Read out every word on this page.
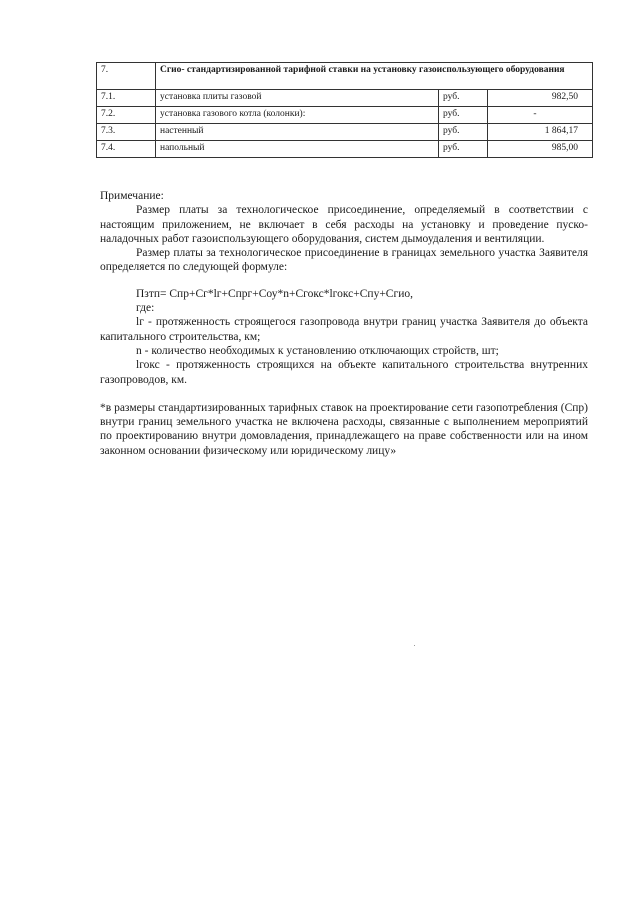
7.	Сгио- стандартизированной тарифной ставки на установку газоиспользующего оборудования		
7.1.	установка плиты газовой	руб.	982,50
7.2.	установка газового котла (колонки):	руб.	-
7.3.	настенный	руб.	1 864,17
7.4.	напольный	руб.	985,00

Примечание:

Размер платы за технологическое присоединение, определяемый в соответствии с настоящим приложением, не включает в себя расходы на установку и проведение пуско-наладочных работ газоиспользующего оборудования, систем дымоудаления и вентиляции.

Размер платы за технологическое присоединение в границах земельного участка Заявителя определяется по следующей формуле:

Пзтп= Спр+Сг*lг+Спрг+Соу*n+Сгокс*lгокс+Спу+Сгио,

где:

lг - протяженность строящегося газопровода внутри границ участка Заявителя до объекта капитального строительства, км;

n - количество необходимых к установлению отключающих стройств, шт;

lгокс - протяженность строящихся на объекте капитального строительства внутренних газопроводов, км.

*в размеры стандартизированных тарифных ставок на проектирование сети газопотребления (Спр) внутри границ земельного участка не включена расходы, связанные с выполнением мероприятий по проектированию внутри домовладения, принадлежащего на праве собственности или на ином законном основании физическому или юридическому лицу»
